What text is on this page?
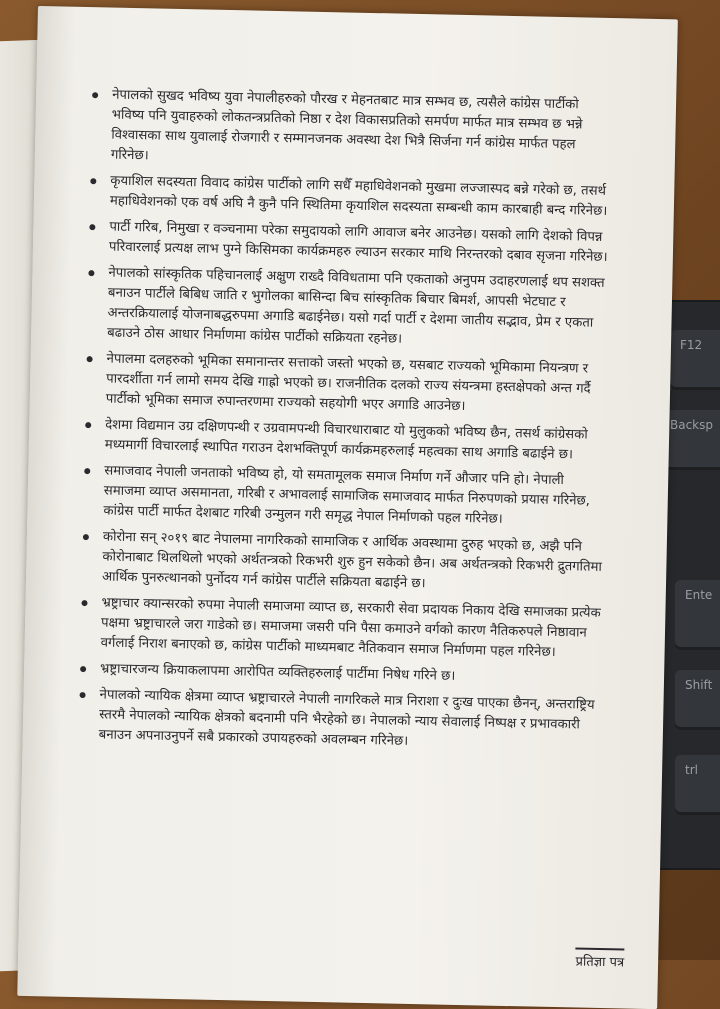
F12
Backsp
Ente
Shift
trl
नेपालको सुखद भविष्य युवा नेपालीहरुको पौरख र मेहनतबाट मात्र सम्भव छ, त्यसैले कांग्रेस पार्टीको भविष्य पनि युवाहरुको लोकतन्त्रप्रतिको निष्ठा र देश विकासप्रतिको समर्पण मार्फत मात्र सम्भव छ भन्ने विश्वासका साथ युवालाई रोजगारी र सम्मानजनक अवस्था देश भित्रै सिर्जना गर्न कांग्रेस मार्फत पहल गरिनेछ।
कृयाशिल सदस्यता विवाद कांग्रेस पार्टीको लागि सधैँ महाधिवेशनको मुखमा लज्जास्पद बन्ने गरेको छ, तसर्थ महाधिवेशनको एक वर्ष अघि नै कुनै पनि स्थितिमा कृयाशिल सदस्यता सम्बन्धी काम कारबाही बन्द गरिनेछ।
पार्टी गरिब, निमुखा र वञ्चनामा परेका समुदायको लागि आवाज बनेर आउनेछ। यसको लागि देशको विपन्न परिवारलाई प्रत्यक्ष लाभ पुग्ने किसिमका कार्यक्रमहरु ल्याउन सरकार माथि निरन्तरको दबाव सृजना गरिनेछ।
नेपालको सांस्कृतिक पहिचानलाई अक्षुण राख्दै विविधतामा पनि एकताको अनुपम उदाहरणलाई थप सशक्त बनाउन पार्टीले बिबिध जाति र भुगोलका बासिन्दा बिच सांस्कृतिक बिचार बिमर्श, आपसी भेटघाट र अन्तरक्रियालाई योजनाबद्धरुपमा अगाडि बढाईनेछ। यसो गर्दा पार्टी र देशमा जातीय सद्भाव, प्रेम र एकता बढाउने ठोस आधार निर्माणमा कांग्रेस पार्टीको सक्रियता रहनेछ।
नेपालमा दलहरुको भूमिका समानान्तर सत्ताको जस्तो भएको छ, यसबाट राज्यको भूमिकामा नियन्त्रण र पारदर्शीता गर्न लामो समय देखि गाह्रो भएको छ। राजनीतिक दलको राज्य संयन्त्रमा हस्तक्षेपको अन्त गर्दै पार्टीको भूमिका समाज रुपान्तरणमा राज्यको सहयोगी भएर अगाडि आउनेछ।
देशमा विद्यमान उग्र दक्षिणपन्थी र उग्रवामपन्थी विचारधाराबाट यो मुलुकको भविष्य छैन, तसर्थ कांग्रेसको मध्यमार्गी विचारलाई स्थापित गराउन देशभक्तिपूर्ण कार्यक्रमहरुलाई महत्वका साथ अगाडि बढाईने छ।
समाजवाद नेपाली जनताको भविष्य हो, यो समतामूलक समाज निर्माण गर्ने औजार पनि हो। नेपाली समाजमा व्याप्त असमानता, गरिबी र अभावलाई सामाजिक समाजवाद मार्फत निरुपणको प्रयास गरिनेछ, कांग्रेस पार्टी मार्फत देशबाट गरिबी उन्मुलन गरी समृद्ध नेपाल निर्माणको पहल गरिनेछ।
कोरोना सन् २०१९ बाट नेपालमा नागरिकको सामाजिक र आर्थिक अवस्थामा दुरुह भएको छ, अझै पनि कोरोनाबाट थिलथिलो भएको अर्थतन्त्रको रिकभरी शुरु हुन सकेको छैन। अब अर्थतन्त्रको रिकभरी द्रुतगतिमा आर्थिक पुनरुत्थानको पुर्नोदय गर्न कांग्रेस पार्टीले सक्रियता बढाईने छ।
भ्रष्ट्राचार क्यान्सरको रुपमा नेपाली समाजमा व्याप्त छ, सरकारी सेवा प्रदायक निकाय देखि समाजका प्रत्येक पक्षमा भ्रष्ट्राचारले जरा गाडेको छ। समाजमा जसरी पनि पैसा कमाउने वर्गको कारण नैतिकरुपले निष्ठावान वर्गलाई निराश बनाएको छ, कांग्रेस पार्टीको माध्यमबाट नैतिकवान समाज निर्माणमा पहल गरिनेछ।
भ्रष्ट्राचारजन्य क्रियाकलापमा आरोपित व्यक्तिहरुलाई पार्टीमा निषेध गरिने छ।
नेपालको न्यायिक क्षेत्रमा व्याप्त भ्रष्ट्राचारले नेपाली नागरिकले मात्र निराशा र दुःख पाएका छैनन्, अन्तराष्ट्रिय स्तरमै नेपालको न्यायिक क्षेत्रको बदनामी पनि भैरहेको छ। नेपालको न्याय सेवालाई निष्पक्ष र प्रभावकारी बनाउन अपनाउनुपर्ने सबै प्रकारको उपायहरुको अवलम्बन गरिनेछ।
प्रतिज्ञा पत्र
